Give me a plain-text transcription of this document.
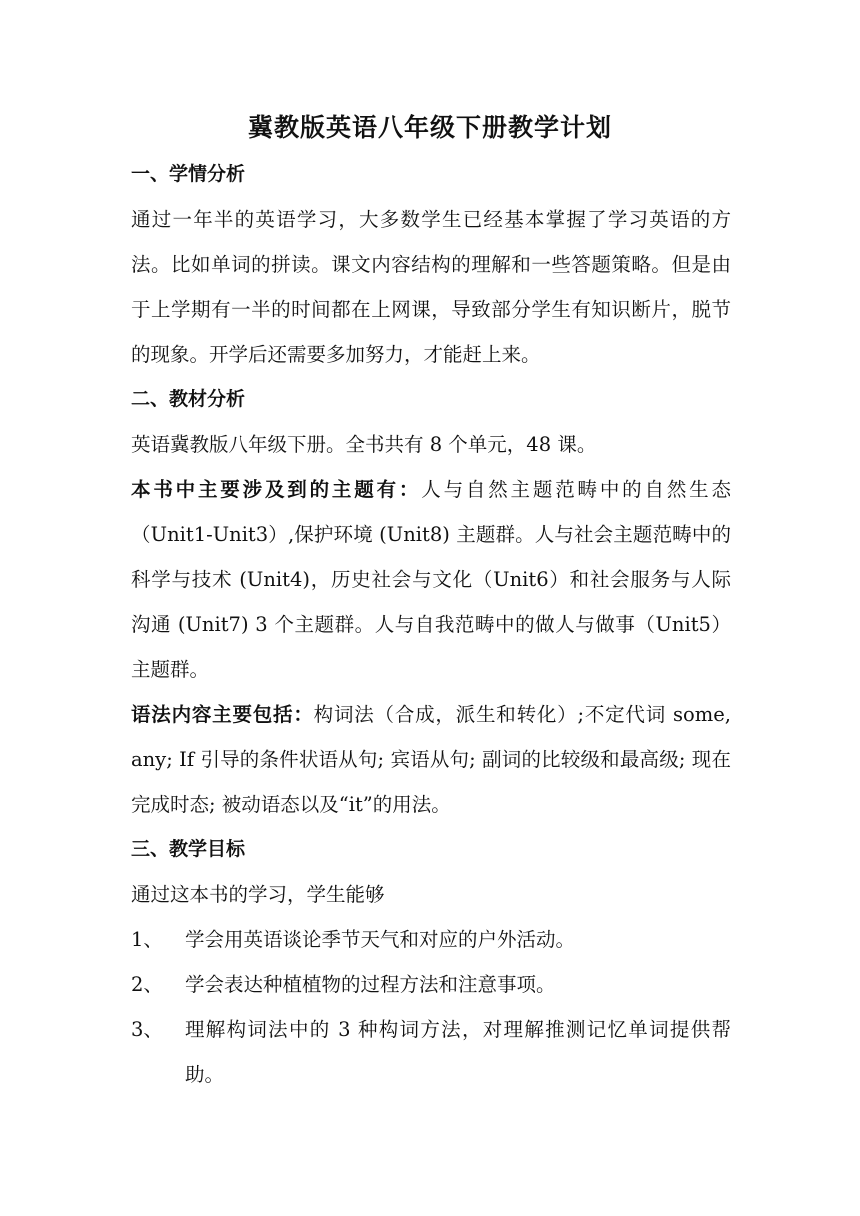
冀教版英语八年级下册教学计划
一、学情分析
通过一年半的英语学习，大多数学生已经基本掌握了学习英语的方法。比如单词的拼读。课文内容结构的理解和一些答题策略。但是由于上学期有一半的时间都在上网课，导致部分学生有知识断片，脱节的现象。开学后还需要多加努力，才能赶上来。
二、教材分析
英语冀教版八年级下册。全书共有 8 个单元，48 课。
本书中主要涉及到的主题有：人与自然主题范畴中的自然生态（Unit1-Unit3）,保护环境 (Unit8) 主题群。人与社会主题范畴中的科学与技术 (Unit4)，历史社会与文化（Unit6）和社会服务与人际沟通 (Unit7) 3 个主题群。人与自我范畴中的做人与做事（Unit5）主题群。
语法内容主要包括：构词法（合成，派生和转化）;不定代词 some, any; If 引导的条件状语从句; 宾语从句; 副词的比较级和最高级; 现在完成时态; 被动语态以及“it”的用法。
三、教学目标
通过这本书的学习，学生能够
1、	学会用英语谈论季节天气和对应的户外活动。
2、	学会表达种植植物的过程方法和注意事项。
3、	理解构词法中的 3 种构词方法，对理解推测记忆单词提供帮助。
